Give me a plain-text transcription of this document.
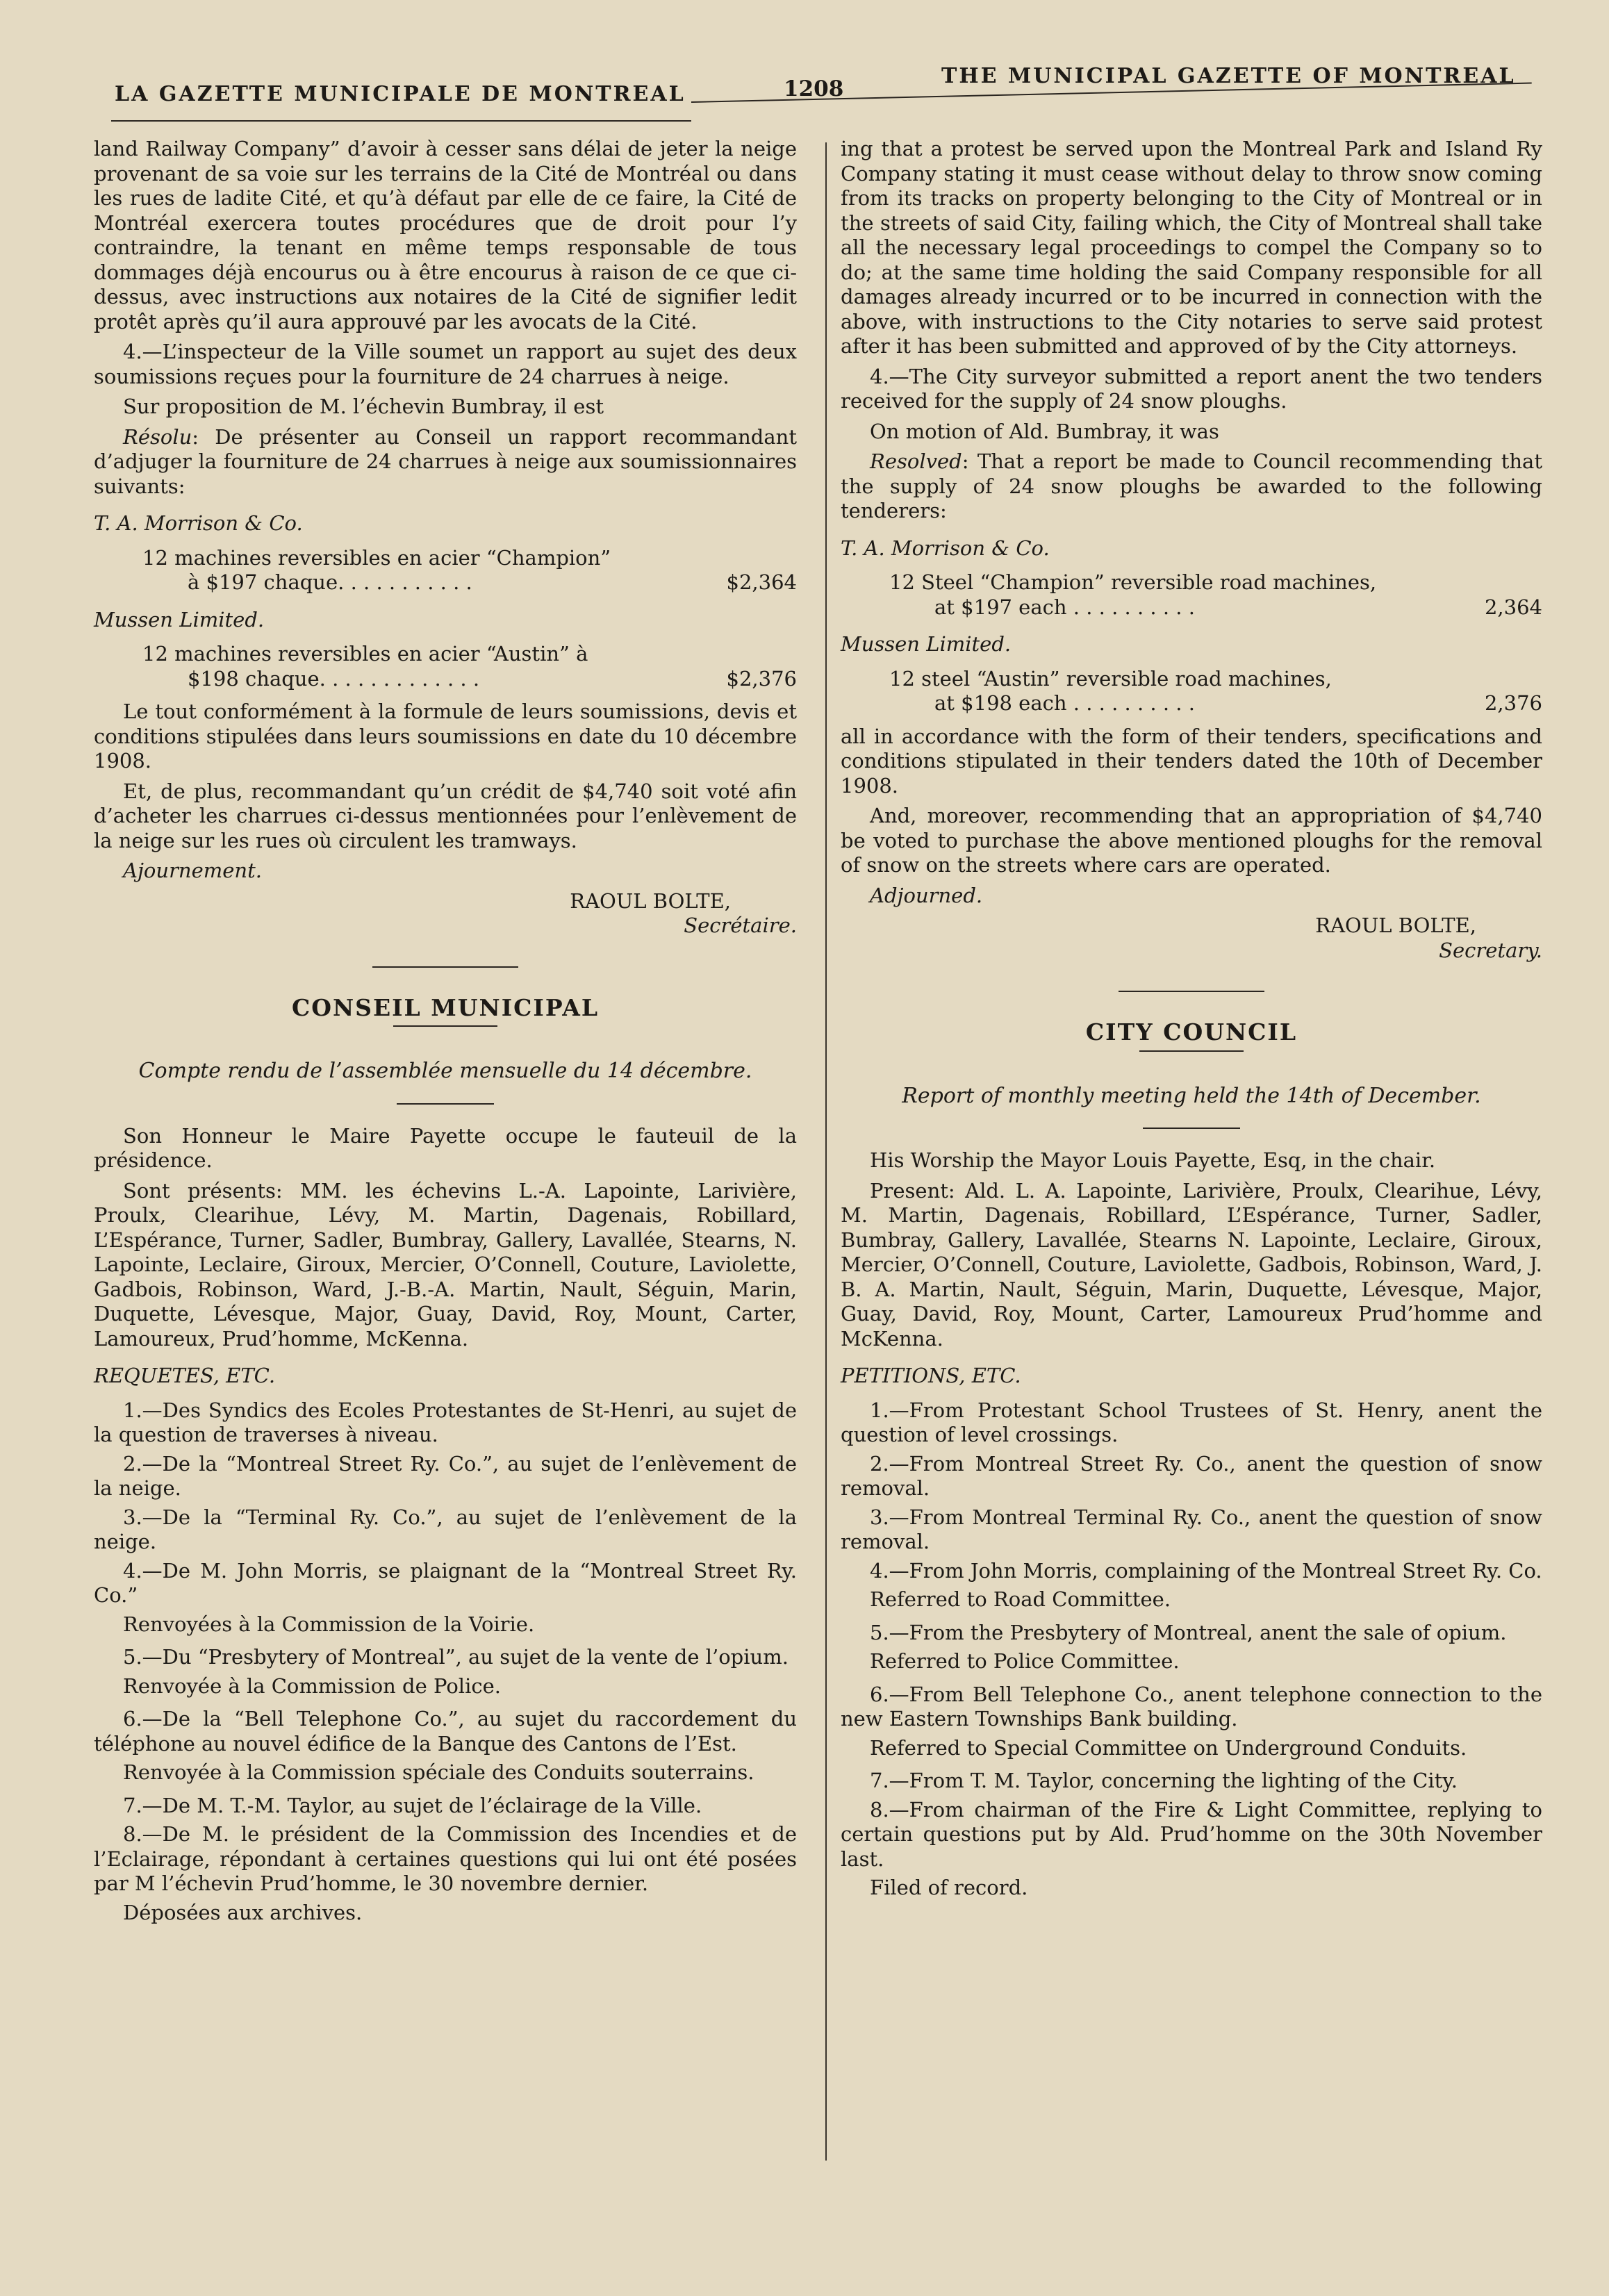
LA GAZETTE MUNICIPALE DE MONTREAL	1208
THE MUNICIPAL GAZETTE OF MONTREAL

land Railway Company” d’avoir à cesser sans délai de jeter la neige provenant de sa voie sur les terrains de la Cité de Montréal ou dans les rues de ladite Cité, et qu’à défaut par elle de ce faire, la Cité de Montréal exercera toutes procédures que de droit pour l’y contraindre, la tenant en même temps responsable de tous dommages déjà encourus ou à être encourus à raison de ce que ci-dessus, avec instructions aux notaires de la Cité de signifier ledit protêt après qu’il aura approuvé par les avocats de la Cité.

4.—L’inspecteur de la Ville soumet un rapport au sujet des deux soumissions reçues pour la fourniture de 24 charrues à neige.

Sur proposition de M. l’échevin Bumbray, il est

Résolu: De présenter au Conseil un rapport recommandant d’adjuger la fourniture de 24 charrues à neige aux soumissionnaires suivants:

T. A. Morrison & Co.

12 machines reversibles en acier “Champion”
à $197 chaque. . . . . . . . . . .	$2,364

Mussen Limited.

12 machines reversibles en acier “Austin” à
$198 chaque. . . . . . . . . . . . .	$2,376

Le tout conformément à la formule de leurs soumissions, devis et conditions stipulées dans leurs soumissions en date du 10 décembre 1908.

Et, de plus, recommandant qu’un crédit de $4,740 soit voté afin d’acheter les charrues ci-dessus mentionnées pour l’enlèvement de la neige sur les rues où circulent les tramways.

Ajournement.

RAOUL BOLTE,
Secrétaire.
CONSEIL MUNICIPAL
Compte rendu de l’assemblée mensuelle du 14 décembre.

Son Honneur le Maire Payette occupe le fauteuil de la présidence.

Sont présents: MM. les échevins L.-A. Lapointe, Larivière, Proulx, Clearihue, Lévy, M. Martin, Dagenais, Robillard, L’Espérance, Turner, Sadler, Bumbray, Gallery, Lavallée, Stearns, N. Lapointe, Leclaire, Giroux, Mercier, O’Connell, Couture, Laviolette, Gadbois, Robinson, Ward, J.-B.-A. Martin, Nault, Séguin, Marin, Duquette, Lévesque, Major, Guay, David, Roy, Mount, Carter, Lamoureux, Prud’homme, McKenna.

REQUETES, ETC.

1.—Des Syndics des Ecoles Protestantes de St-Henri, au sujet de la question de traverses à niveau.

2.—De la “Montreal Street Ry. Co.”, au sujet de l’enlèvement de la neige.

3.—De la “Terminal Ry. Co.”, au sujet de l’enlèvement de la neige.

4.—De M. John Morris, se plaignant de la “Montreal Street Ry. Co.”

Renvoyées à la Commission de la Voirie.

5.—Du “Presbytery of Montreal”, au sujet de la vente de l’opium.

Renvoyée à la Commission de Police.

6.—De la “Bell Telephone Co.”, au sujet du raccordement du téléphone au nouvel édifice de la Banque des Cantons de l’Est.

Renvoyée à la Commission spéciale des Conduits souterrains.

7.—De M. T.-M. Taylor, au sujet de l’éclairage de la Ville.

8.—De M. le président de la Commission des Incendies et de l’Eclairage, répondant à certaines questions qui lui ont été posées par M l’échevin Prud’homme, le 30 novembre dernier.

Déposées aux archives.

ing that a protest be served upon the Montreal Park and Island Ry Company stating it must cease without delay to throw snow coming from its tracks on property belonging to the City of Montreal or in the streets of said City, failing which, the City of Montreal shall take all the necessary legal proceedings to compel the Company so to do; at the same time holding the said Company responsible for all damages already incurred or to be incurred in connection with the above, with instructions to the City notaries to serve said protest after it has been submitted and approved of by the City attorneys.

4.—The City surveyor submitted a report anent the two tenders received for the supply of 24 snow ploughs.

On motion of Ald. Bumbray, it was

Resolved: That a report be made to Council recommending that the supply of 24 snow ploughs be awarded to the following tenderers:

T. A. Morrison & Co.

12 Steel “Champion” reversible road machines,
at $197 each . . . . . . . . . .	2,364

Mussen Limited.

12 steel “Austin” reversible road machines,
at $198 each . . . . . . . . . .	2,376

all in accordance with the form of their tenders, specifications and conditions stipulated in their tenders dated the 10th of December 1908.

And, moreover, recommending that an appropriation of $4,740 be voted to purchase the above mentioned ploughs for the removal of snow on the streets where cars are operated.

Adjourned.

RAOUL BOLTE,
Secretary.
CITY COUNCIL
Report of monthly meeting held the 14th of December.

His Worship the Mayor Louis Payette, Esq, in the chair.

Present: Ald. L. A. Lapointe, Larivière, Proulx, Clearihue, Lévy, M. Martin, Dagenais, Robillard, L’Espérance, Turner, Sadler, Bumbray, Gallery, Lavallée, Stearns N. Lapointe, Leclaire, Giroux, Mercier, O’Connell, Couture, Laviolette, Gadbois, Robinson, Ward, J. B. A. Martin, Nault, Séguin, Marin, Duquette, Lévesque, Major, Guay, David, Roy, Mount, Carter, Lamoureux Prud’homme and McKenna.

PETITIONS, ETC.

1.—From Protestant School Trustees of St. Henry, anent the question of level crossings.

2.—From Montreal Street Ry. Co., anent the question of snow removal.

3.—From Montreal Terminal Ry. Co., anent the question of snow removal.

4.—From John Morris, complaining of the Montreal Street Ry. Co.

Referred to Road Committee.

5.—From the Presbytery of Montreal, anent the sale of opium.

Referred to Police Committee.

6.—From Bell Telephone Co., anent telephone connection to the new Eastern Townships Bank building.

Referred to Special Committee on Underground Conduits.

7.—From T. M. Taylor, concerning the lighting of the City.

8.—From chairman of the Fire & Light Committee, replying to certain questions put by Ald. Prud’homme on the 30th November last.

Filed of record.
